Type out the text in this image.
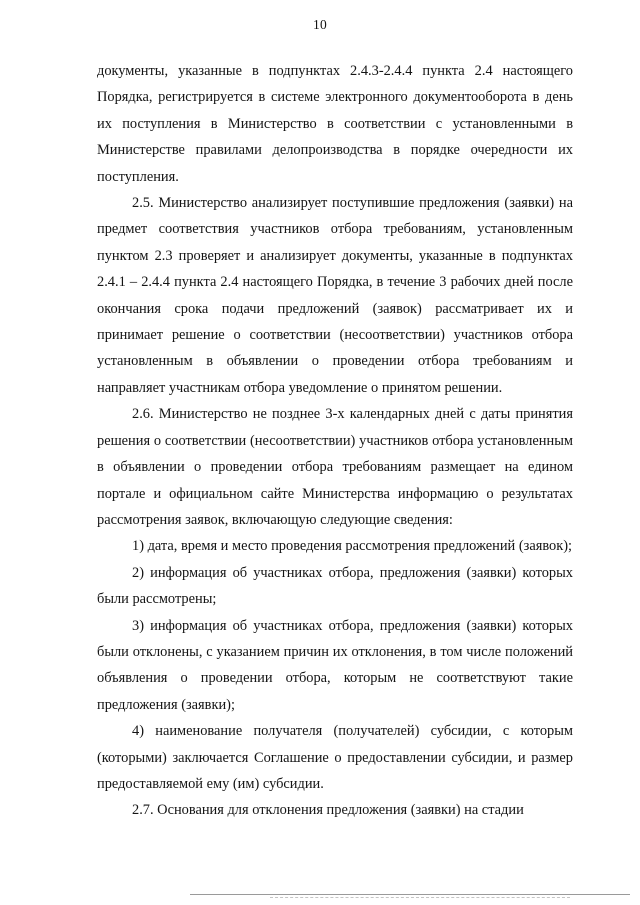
10

документы, указанные в подпунктах 2.4.3-2.4.4 пункта 2.4 настоящего Порядка, регистрируется в системе электронного документооборота в день их поступления в Министерство в соответствии с установленными в Министерстве правилами делопроизводства в порядке очередности их поступления.

2.5. Министерство анализирует поступившие предложения (заявки) на предмет соответствия участников отбора требованиям, установленным пунктом 2.3 проверяет и анализирует документы, указанные в подпунктах 2.4.1 – 2.4.4 пункта 2.4 настоящего Порядка, в течение 3 рабочих дней после окончания срока подачи предложений (заявок) рассматривает их и принимает решение о соответствии (несоответствии) участников отбора установленным в объявлении о проведении отбора требованиям и направляет участникам отбора уведомление о принятом решении.

2.6. Министерство не позднее 3-х календарных дней с даты принятия решения о соответствии (несоответствии) участников отбора установленным в объявлении о проведении отбора требованиям размещает на едином портале и официальном сайте Министерства информацию о результатах рассмотрения заявок, включающую следующие сведения:

1) дата, время и место проведения рассмотрения предложений (заявок);

2) информация об участниках отбора, предложения (заявки) которых были рассмотрены;

3) информация об участниках отбора, предложения (заявки) которых были отклонены, с указанием причин их отклонения, в том числе положений объявления о проведении отбора, которым не соответствуют такие предложения (заявки);

4) наименование получателя (получателей) субсидии, с которым (которыми) заключается Соглашение о предоставлении субсидии, и размер предоставляемой ему (им) субсидии.

2.7. Основания для отклонения предложения (заявки) на стадии
